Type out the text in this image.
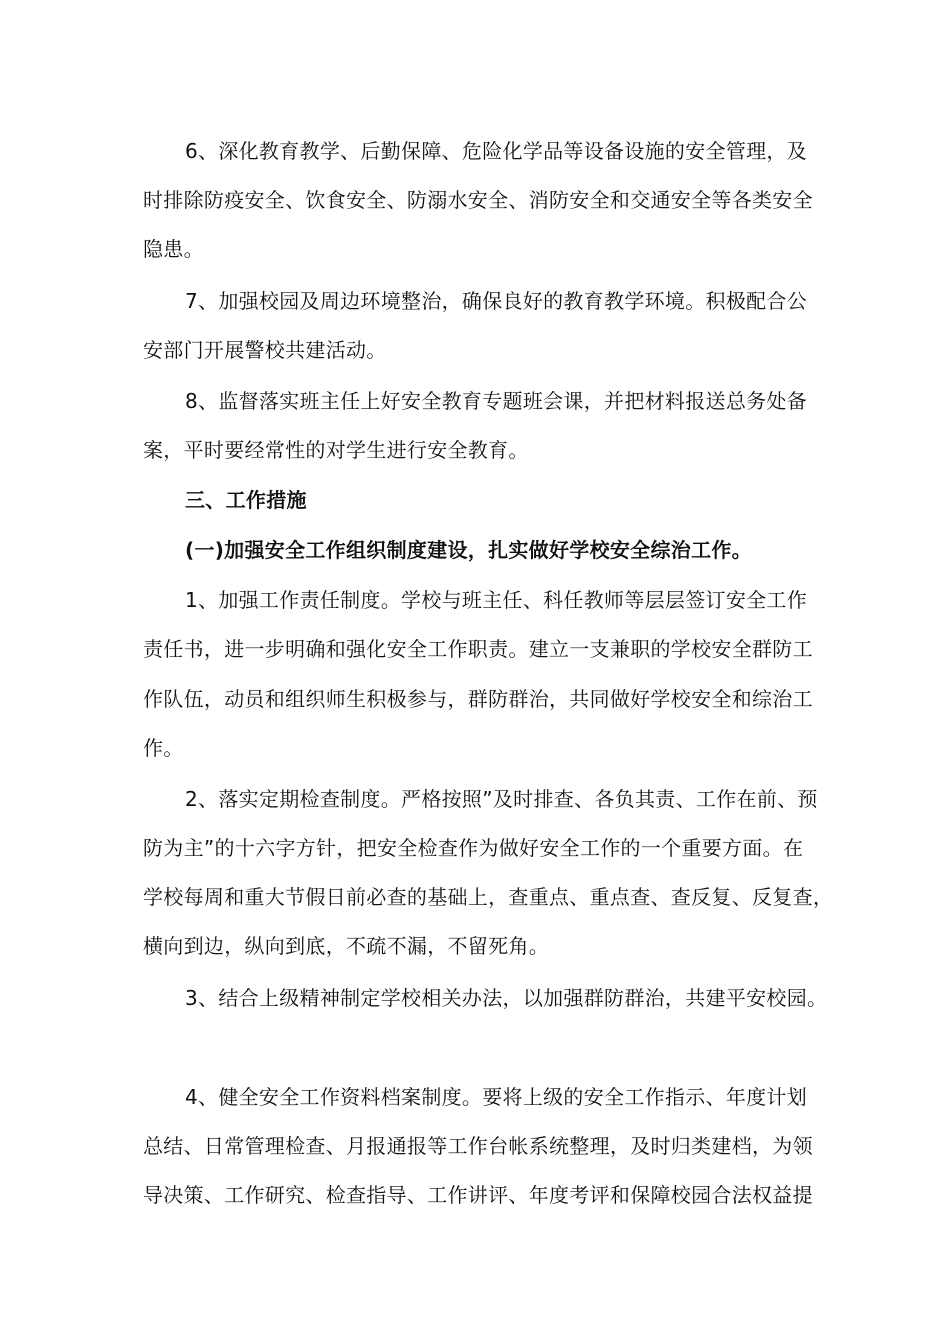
6、深化教育教学、后勤保障、危险化学品等设备设施的安全管理，及
时排除防疫安全、饮食安全、防溺水安全、消防安全和交通安全等各类安全
隐患。
7、加强校园及周边环境整治，确保良好的教育教学环境。积极配合公
安部门开展警校共建活动。
8、监督落实班主任上好安全教育专题班会课，并把材料报送总务处备
案，平时要经常性的对学生进行安全教育。
三、工作措施
(一)加强安全工作组织制度建设，扎实做好学校安全综治工作。
1、加强工作责任制度。学校与班主任、科任教师等层层签订安全工作
责任书，进一步明确和强化安全工作职责。建立一支兼职的学校安全群防工
作队伍，动员和组织师生积极参与，群防群治，共同做好学校安全和综治工
作。
2、落实定期检查制度。严格按照”及时排查、各负其责、工作在前、预
防为主”的十六字方针，把安全检查作为做好安全工作的一个重要方面。在
学校每周和重大节假日前必查的基础上，查重点、重点查、查反复、反复查，
横向到边，纵向到底，不疏不漏，不留死角。
3、结合上级精神制定学校相关办法，以加强群防群治，共建平安校园。
4、健全安全工作资料档案制度。要将上级的安全工作指示、年度计划
总结、日常管理检查、月报通报等工作台帐系统整理，及时归类建档，为领
导决策、工作研究、检查指导、工作讲评、年度考评和保障校园合法权益提
